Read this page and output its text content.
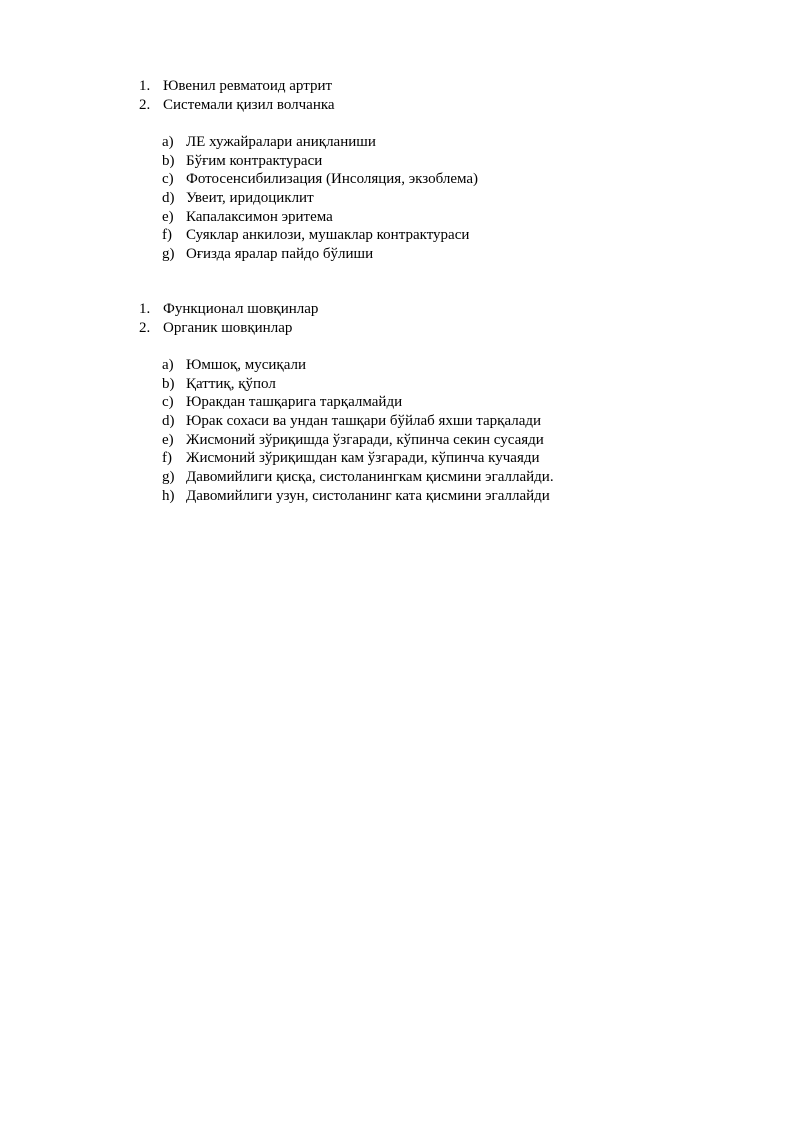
1. Ювенил ревматоид артрит
2. Системали қизил волчанка
a) ЛЕ хужайралари аниқланиши
b) Бўғим контрактураси
c) Фотосенсибилизация (Инсоляция, экзоблема)
d) Увеит, иридоциклит
e) Капалаксимон эритема
f) Суяклар анкилози, мушаклар контрактураси
g) Оғизда яралар пайдо бўлиши
1. Функционал шовқинлар
2. Органик шовқинлар
a) Юмшоқ, мусиқали
b) Қаттиқ, қўпол
c) Юракдан ташқарига тарқалмайди
d) Юрак сохаси ва ундан ташқари бўйлаб яхши тарқалади
e) Жисмоний зўриқишда ўзгаради, кўпинча секин сусаяди
f) Жисмоний зўриқишдан кам ўзгаради, кўпинча кучаяди
g) Давомийлиги қисқа, систоланингкам қисмини эгаллайди.
h) Давомийлиги узун, систоланинг ката қисмини эгаллайди
